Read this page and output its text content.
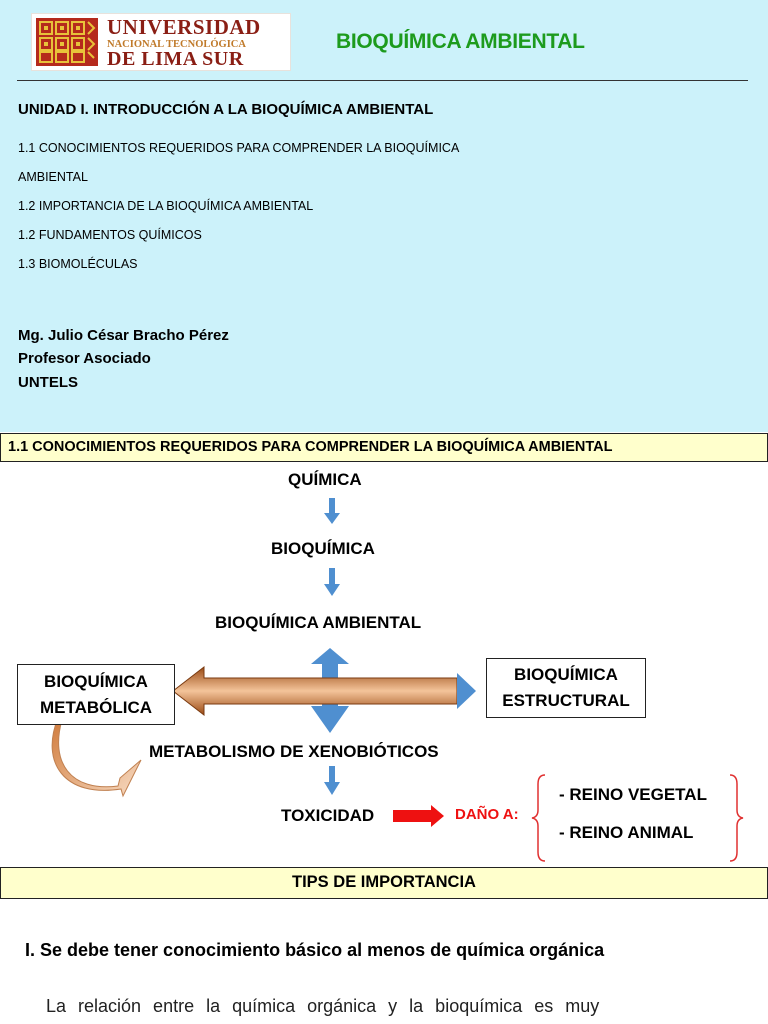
UNIVERSIDAD
NACIONAL TECNOLÓGICA
DE LIMA SUR
BIOQUÍMICA AMBIENTAL
UNIDAD I. INTRODUCCIÓN A LA BIOQUÍMICA AMBIENTAL
1.1 CONOCIMIENTOS REQUERIDOS PARA COMPRENDER LA BIOQUÍMICA
AMBIENTAL
1.2 IMPORTANCIA DE LA BIOQUÍMICA AMBIENTAL
1.2 FUNDAMENTOS QUÍMICOS
1.3 BIOMOLÉCULAS
Mg. Julio César Bracho Pérez
Profesor Asociado
UNTELS
1.1 CONOCIMIENTOS REQUERIDOS PARA COMPRENDER LA BIOQUÍMICA AMBIENTAL
QUÍMICA
BIOQUÍMICA
BIOQUÍMICA AMBIENTAL
BIOQUÍMICA
METABÓLICA
BIOQUÍMICA
ESTRUCTURAL
METABOLISMO DE XENOBIÓTICOS
TOXICIDAD	DAÑO A:
- REINO VEGETAL
- REINO ANIMAL
TIPS DE IMPORTANCIA
I. Se debe tener conocimiento básico al menos de química orgánica
La relación entre la química orgánica y la bioquímica es muy
